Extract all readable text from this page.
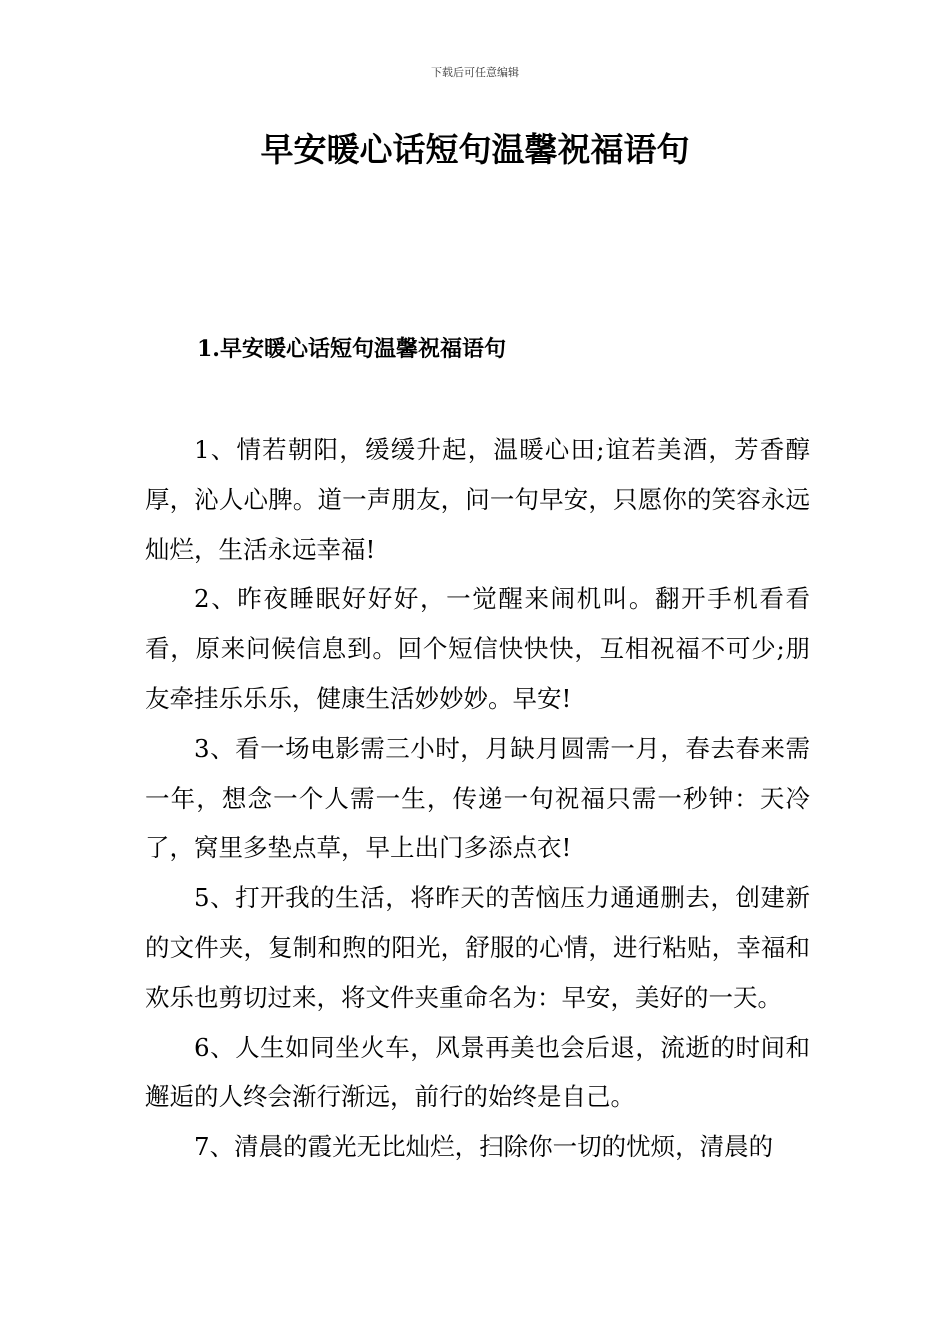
下载后可任意编辑
早安暖心话短句温馨祝福语句
1.早安暖心话短句温馨祝福语句

1、情若朝阳，缓缓升起，温暖心田;谊若美酒，芳香醇厚，沁人心脾。道一声朋友，问一句早安，只愿你的笑容永远灿烂，生活永远幸福!

2、昨夜睡眠好好好，一觉醒来闹机叫。翻开手机看看看，原来问候信息到。回个短信快快快，互相祝福不可少;朋友牵挂乐乐乐，健康生活妙妙妙。早安!

3、看一场电影需三小时，月缺月圆需一月，春去春来需一年，想念一个人需一生，传递一句祝福只需一秒钟：天冷了，窝里多垫点草，早上出门多添点衣!

5、打开我的生活，将昨天的苦恼压力通通删去，创建新的文件夹，复制和煦的阳光，舒服的心情，进行粘贴，幸福和欢乐也剪切过来，将文件夹重命名为：早安，美好的一天。

6、人生如同坐火车，风景再美也会后退，流逝的时间和邂逅的人终会渐行渐远，前行的始终是自己。

7、清晨的霞光无比灿烂，扫除你一切的忧烦，清晨的
